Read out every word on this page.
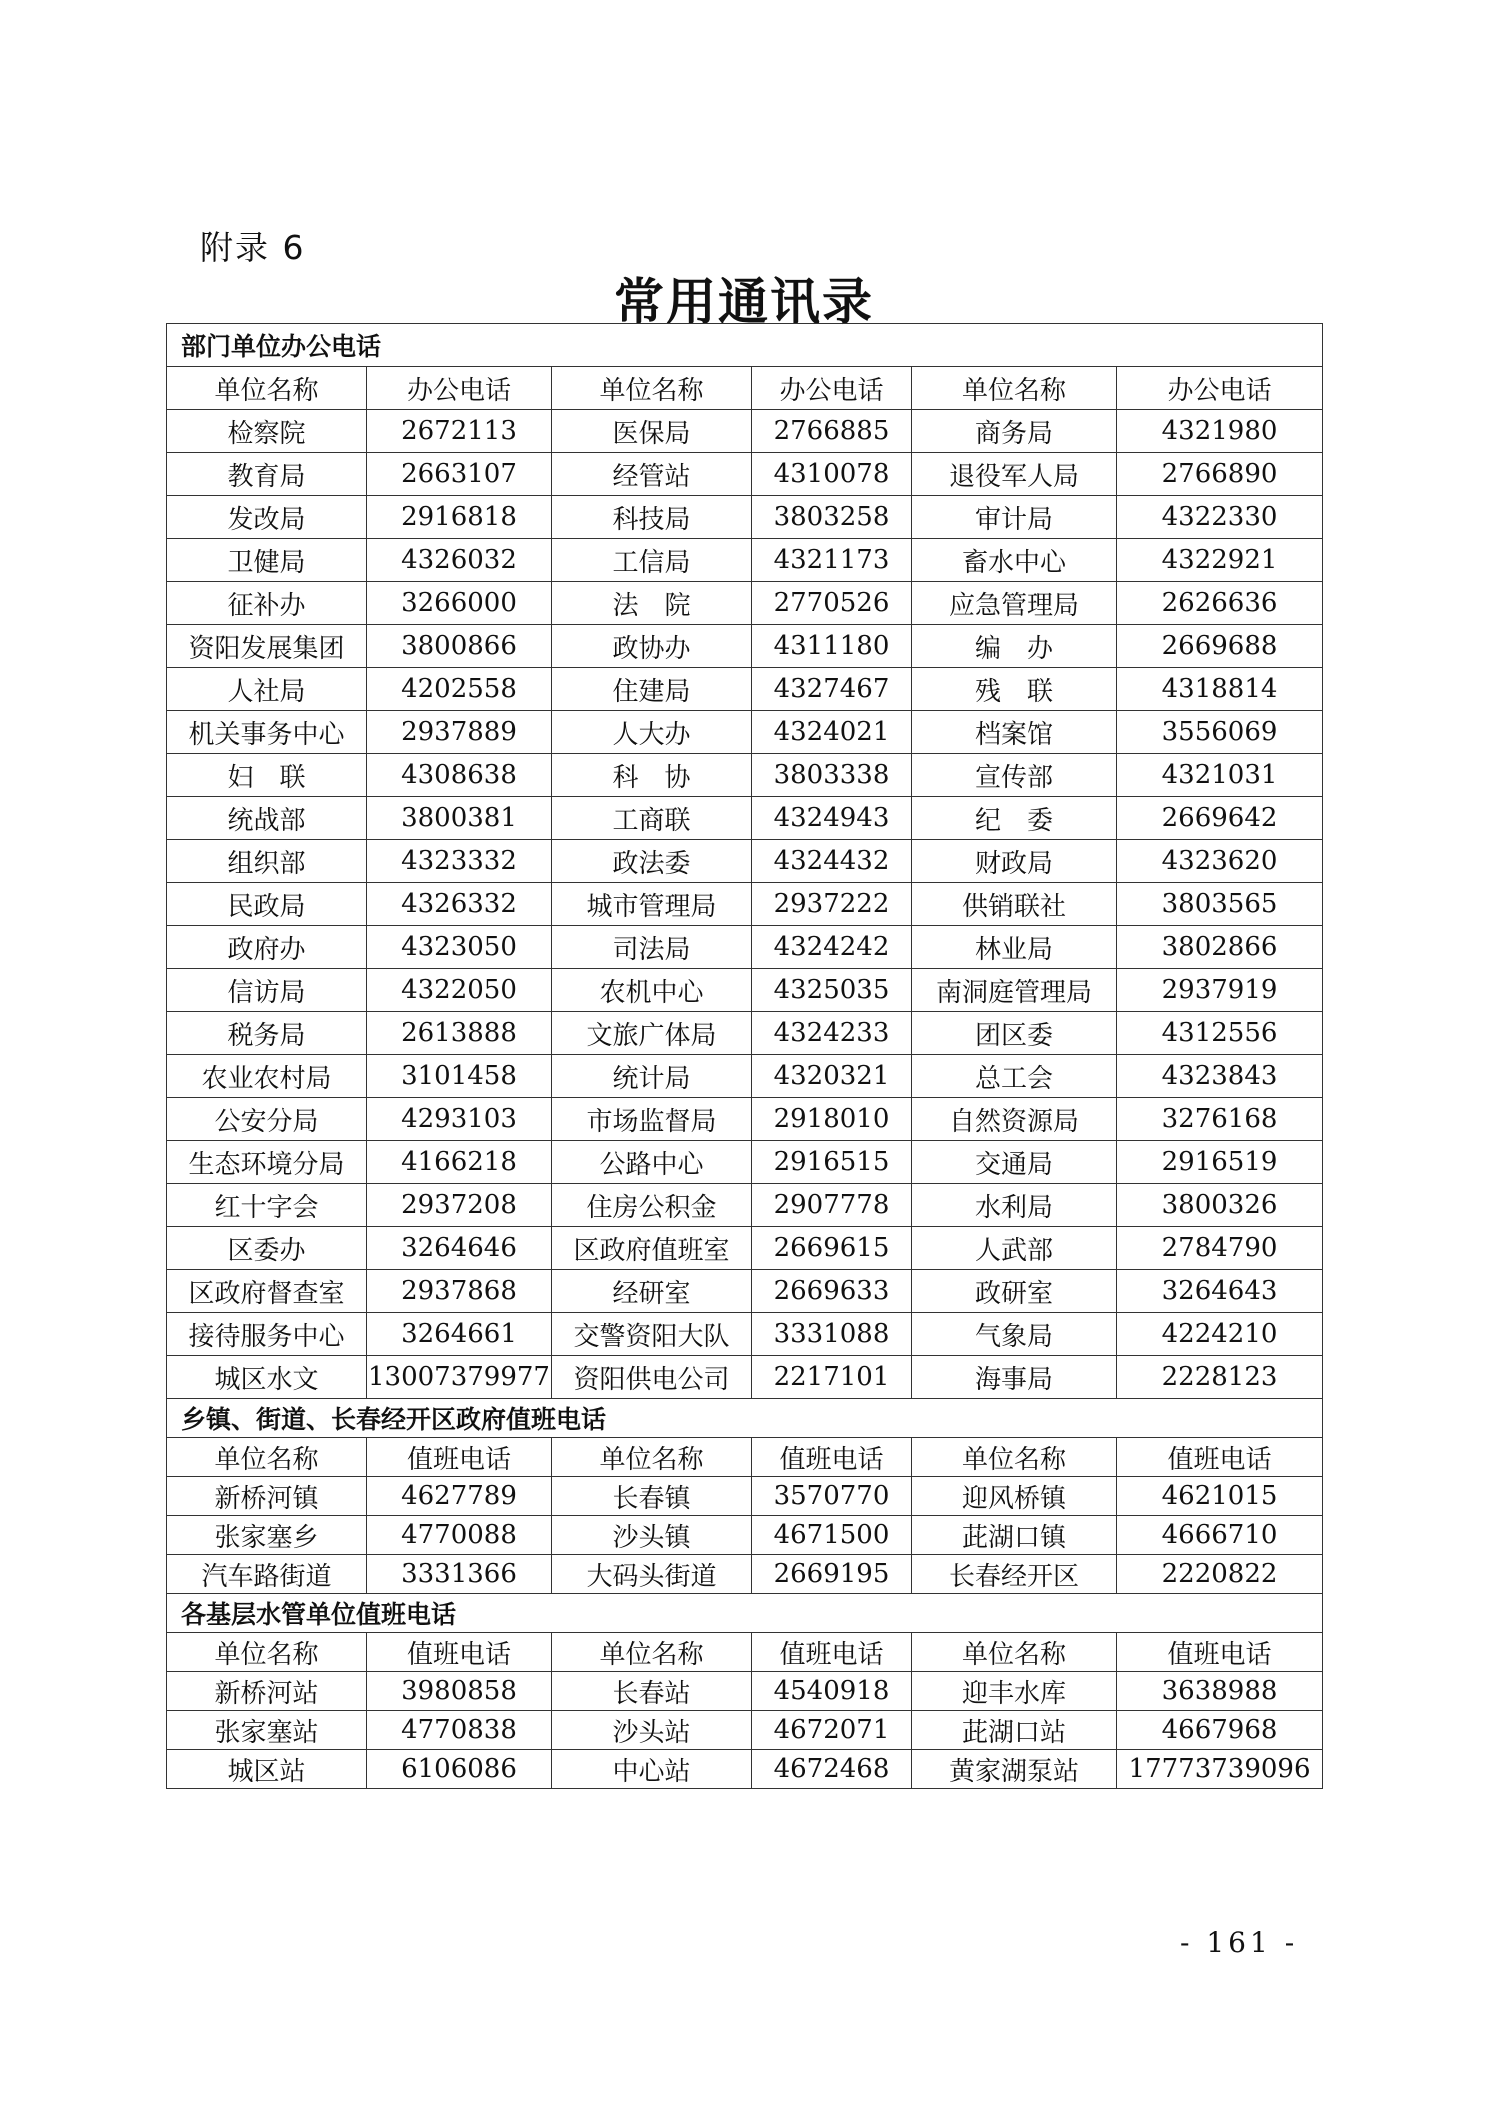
附录 6
常用通讯录
部门单位办公电话					
单位名称	办公电话	单位名称	办公电话	单位名称	办公电话
检察院	2672113	医保局	2766885	商务局	4321980
教育局	2663107	经管站	4310078	退役军人局	2766890
发改局	2916818	科技局	3803258	审计局	4322330
卫健局	4326032	工信局	4321173	畜水中心	4322921
征补办	3266000	法　院	2770526	应急管理局	2626636
资阳发展集团	3800866	政协办	4311180	编　办	2669688
人社局	4202558	住建局	4327467	残　联	4318814
机关事务中心	2937889	人大办	4324021	档案馆	3556069
妇　联	4308638	科　协	3803338	宣传部	4321031
统战部	3800381	工商联	4324943	纪　委	2669642
组织部	4323332	政法委	4324432	财政局	4323620
民政局	4326332	城市管理局	2937222	供销联社	3803565
政府办	4323050	司法局	4324242	林业局	3802866
信访局	4322050	农机中心	4325035	南洞庭管理局	2937919
税务局	2613888	文旅广体局	4324233	团区委	4312556
农业农村局	3101458	统计局	4320321	总工会	4323843
公安分局	4293103	市场监督局	2918010	自然资源局	3276168
生态环境分局	4166218	公路中心	2916515	交通局	2916519
红十字会	2937208	住房公积金	2907778	水利局	3800326
区委办	3264646	区政府值班室	2669615	人武部	2784790
区政府督查室	2937868	经研室	2669633	政研室	3264643
接待服务中心	3264661	交警资阳大队	3331088	气象局	4224210
城区水文	13007379977	资阳供电公司	2217101	海事局	2228123
乡镇、街道、长春经开区政府值班电话					
单位名称	值班电话	单位名称	值班电话	单位名称	值班电话
新桥河镇	4627789	长春镇	3570770	迎风桥镇	4621015
张家塞乡	4770088	沙头镇	4671500	茈湖口镇	4666710
汽车路街道	3331366	大码头街道	2669195	长春经开区	2220822
各基层水管单位值班电话					
单位名称	值班电话	单位名称	值班电话	单位名称	值班电话
新桥河站	3980858	长春站	4540918	迎丰水库	3638988
张家塞站	4770838	沙头站	4672071	茈湖口站	4667968
城区站	6106086	中心站	4672468	黄家湖泵站	17773739096
- 161 -
